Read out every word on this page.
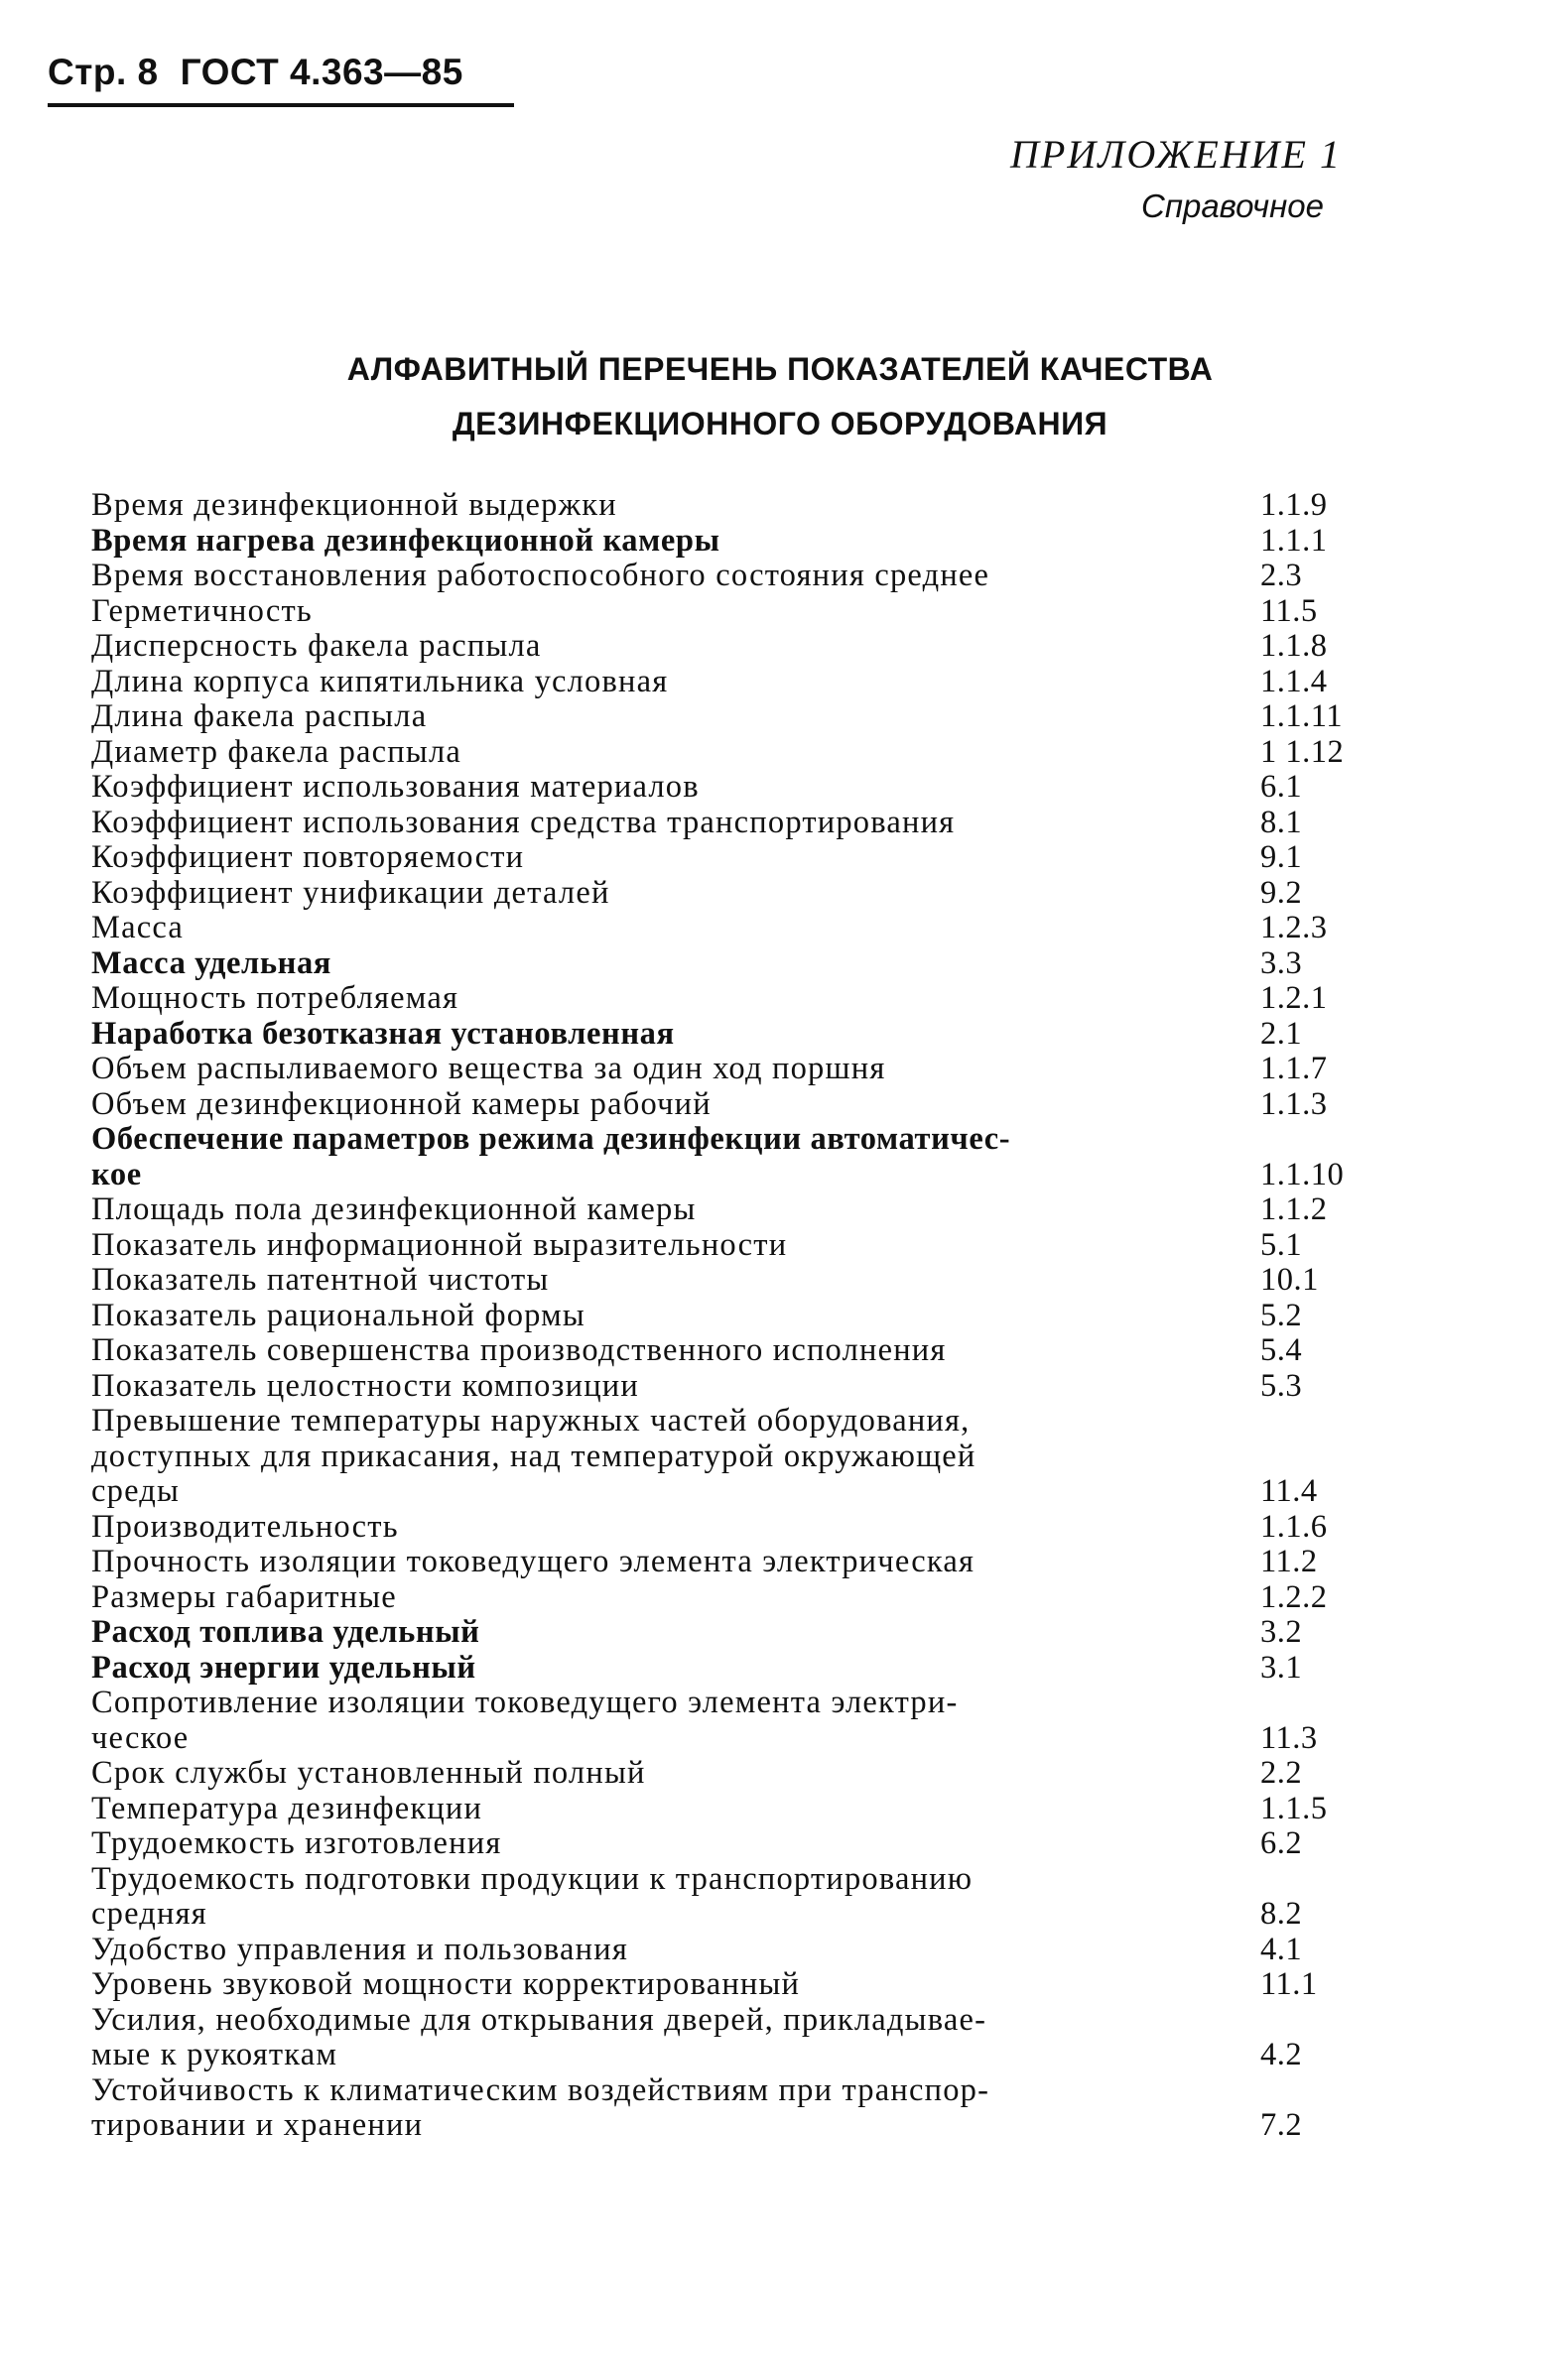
Стр. 8 ГОСТ 4.363—85
ПРИЛОЖЕНИЕ 1
Справочное
АЛФАВИТНЫЙ ПЕРЕЧЕНЬ ПОКАЗАТЕЛЕЙ КАЧЕСТВА
ДЕЗИНФЕКЦИОННОГО ОБОРУДОВАНИЯ
Время дезинфекционной выдержки	1.1.9
Время нагрева дезинфекционной камеры	1.1.1
Время восстановления работоспособного состояния среднее	2.3
Герметичность	11.5
Дисперсность факела распыла	1.1.8
Длина корпуса кипятильника условная	1.1.4
Длина факела распыла	1.1.11
Диаметр факела распыла	1 1.12
Коэффициент использования материалов	6.1
Коэффициент использования средства транспортирования	8.1
Коэффициент повторяемости	9.1
Коэффициент унификации деталей	9.2
Масса	1.2.3
Масса удельная	3.3
Мощность потребляемая	1.2.1
Наработка безотказная установленная	2.1
Объем распыливаемого вещества за один ход поршня	1.1.7
Объем дезинфекционной камеры рабочий	1.1.3
Обеспечение параметров режима дезинфекции автоматичес-
кое	1.1.10
Площадь пола дезинфекционной камеры	1.1.2
Показатель информационной выразительности	5.1
Показатель патентной чистоты	10.1
Показатель рациональной формы	5.2
Показатель совершенства производственного исполнения	5.4
Показатель целостности композиции	5.3
Превышение температуры наружных частей оборудования,
доступных для прикасания, над температурой окружающей
среды	11.4
Производительность	1.1.6
Прочность изоляции токоведущего элемента электрическая	11.2
Размеры габаритные	1.2.2
Расход топлива удельный	3.2
Расход энергии удельный	3.1
Сопротивление изоляции токоведущего элемента электри-
ческое	11.3
Срок службы установленный полный	2.2
Температура дезинфекции	1.1.5
Трудоемкость изготовления	6.2
Трудоемкость подготовки продукции к транспортированию
средняя	8.2
Удобство управления и пользования	4.1
Уровень звуковой мощности корректированный	11.1
Усилия, необходимые для открывания дверей, прикладывае-
мые к рукояткам	4.2
Устойчивость к климатическим воздействиям при транспор-
тировании и хранении	7.2
